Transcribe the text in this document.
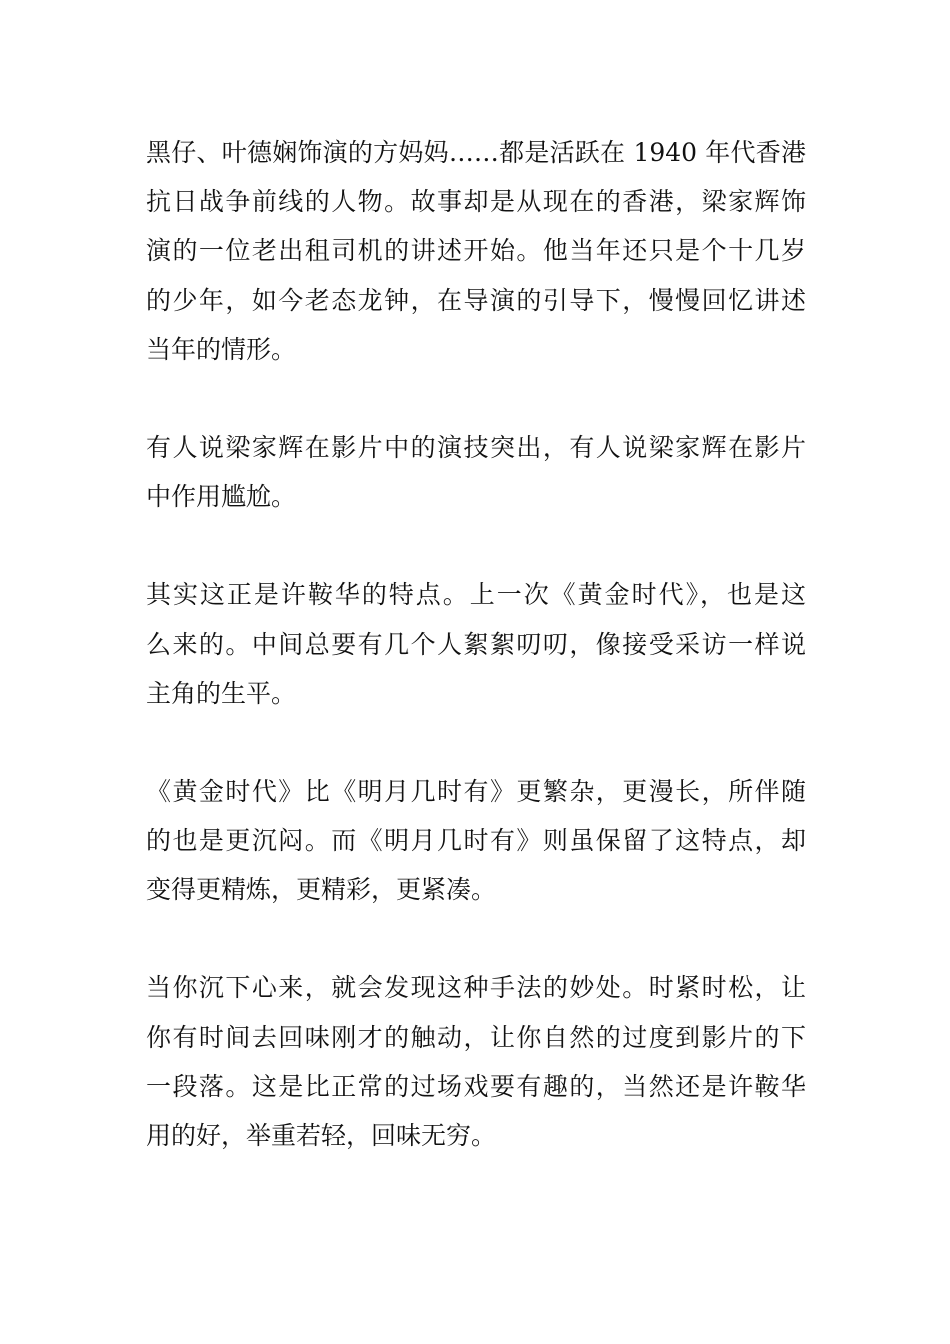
黑仔、叶德娴饰演的方妈妈……都是活跃在 1940 年代香港
抗日战争前线的人物。故事却是从现在的香港，梁家辉饰
演的一位老出租司机的讲述开始。他当年还只是个十几岁
的少年，如今老态龙钟，在导演的引导下，慢慢回忆讲述
当年的情形。

有人说梁家辉在影片中的演技突出，有人说梁家辉在影片
中作用尴尬。

其实这正是许鞍华的特点。上一次《黄金时代》，也是这
么来的。中间总要有几个人絮絮叨叨，像接受采访一样说
主角的生平。

《黄金时代》比《明月几时有》更繁杂，更漫长，所伴随
的也是更沉闷。而《明月几时有》则虽保留了这特点，却
变得更精炼，更精彩，更紧凑。

当你沉下心来，就会发现这种手法的妙处。时紧时松，让
你有时间去回味刚才的触动，让你自然的过度到影片的下
一段落。这是比正常的过场戏要有趣的，当然还是许鞍华
用的好，举重若轻，回味无穷。
